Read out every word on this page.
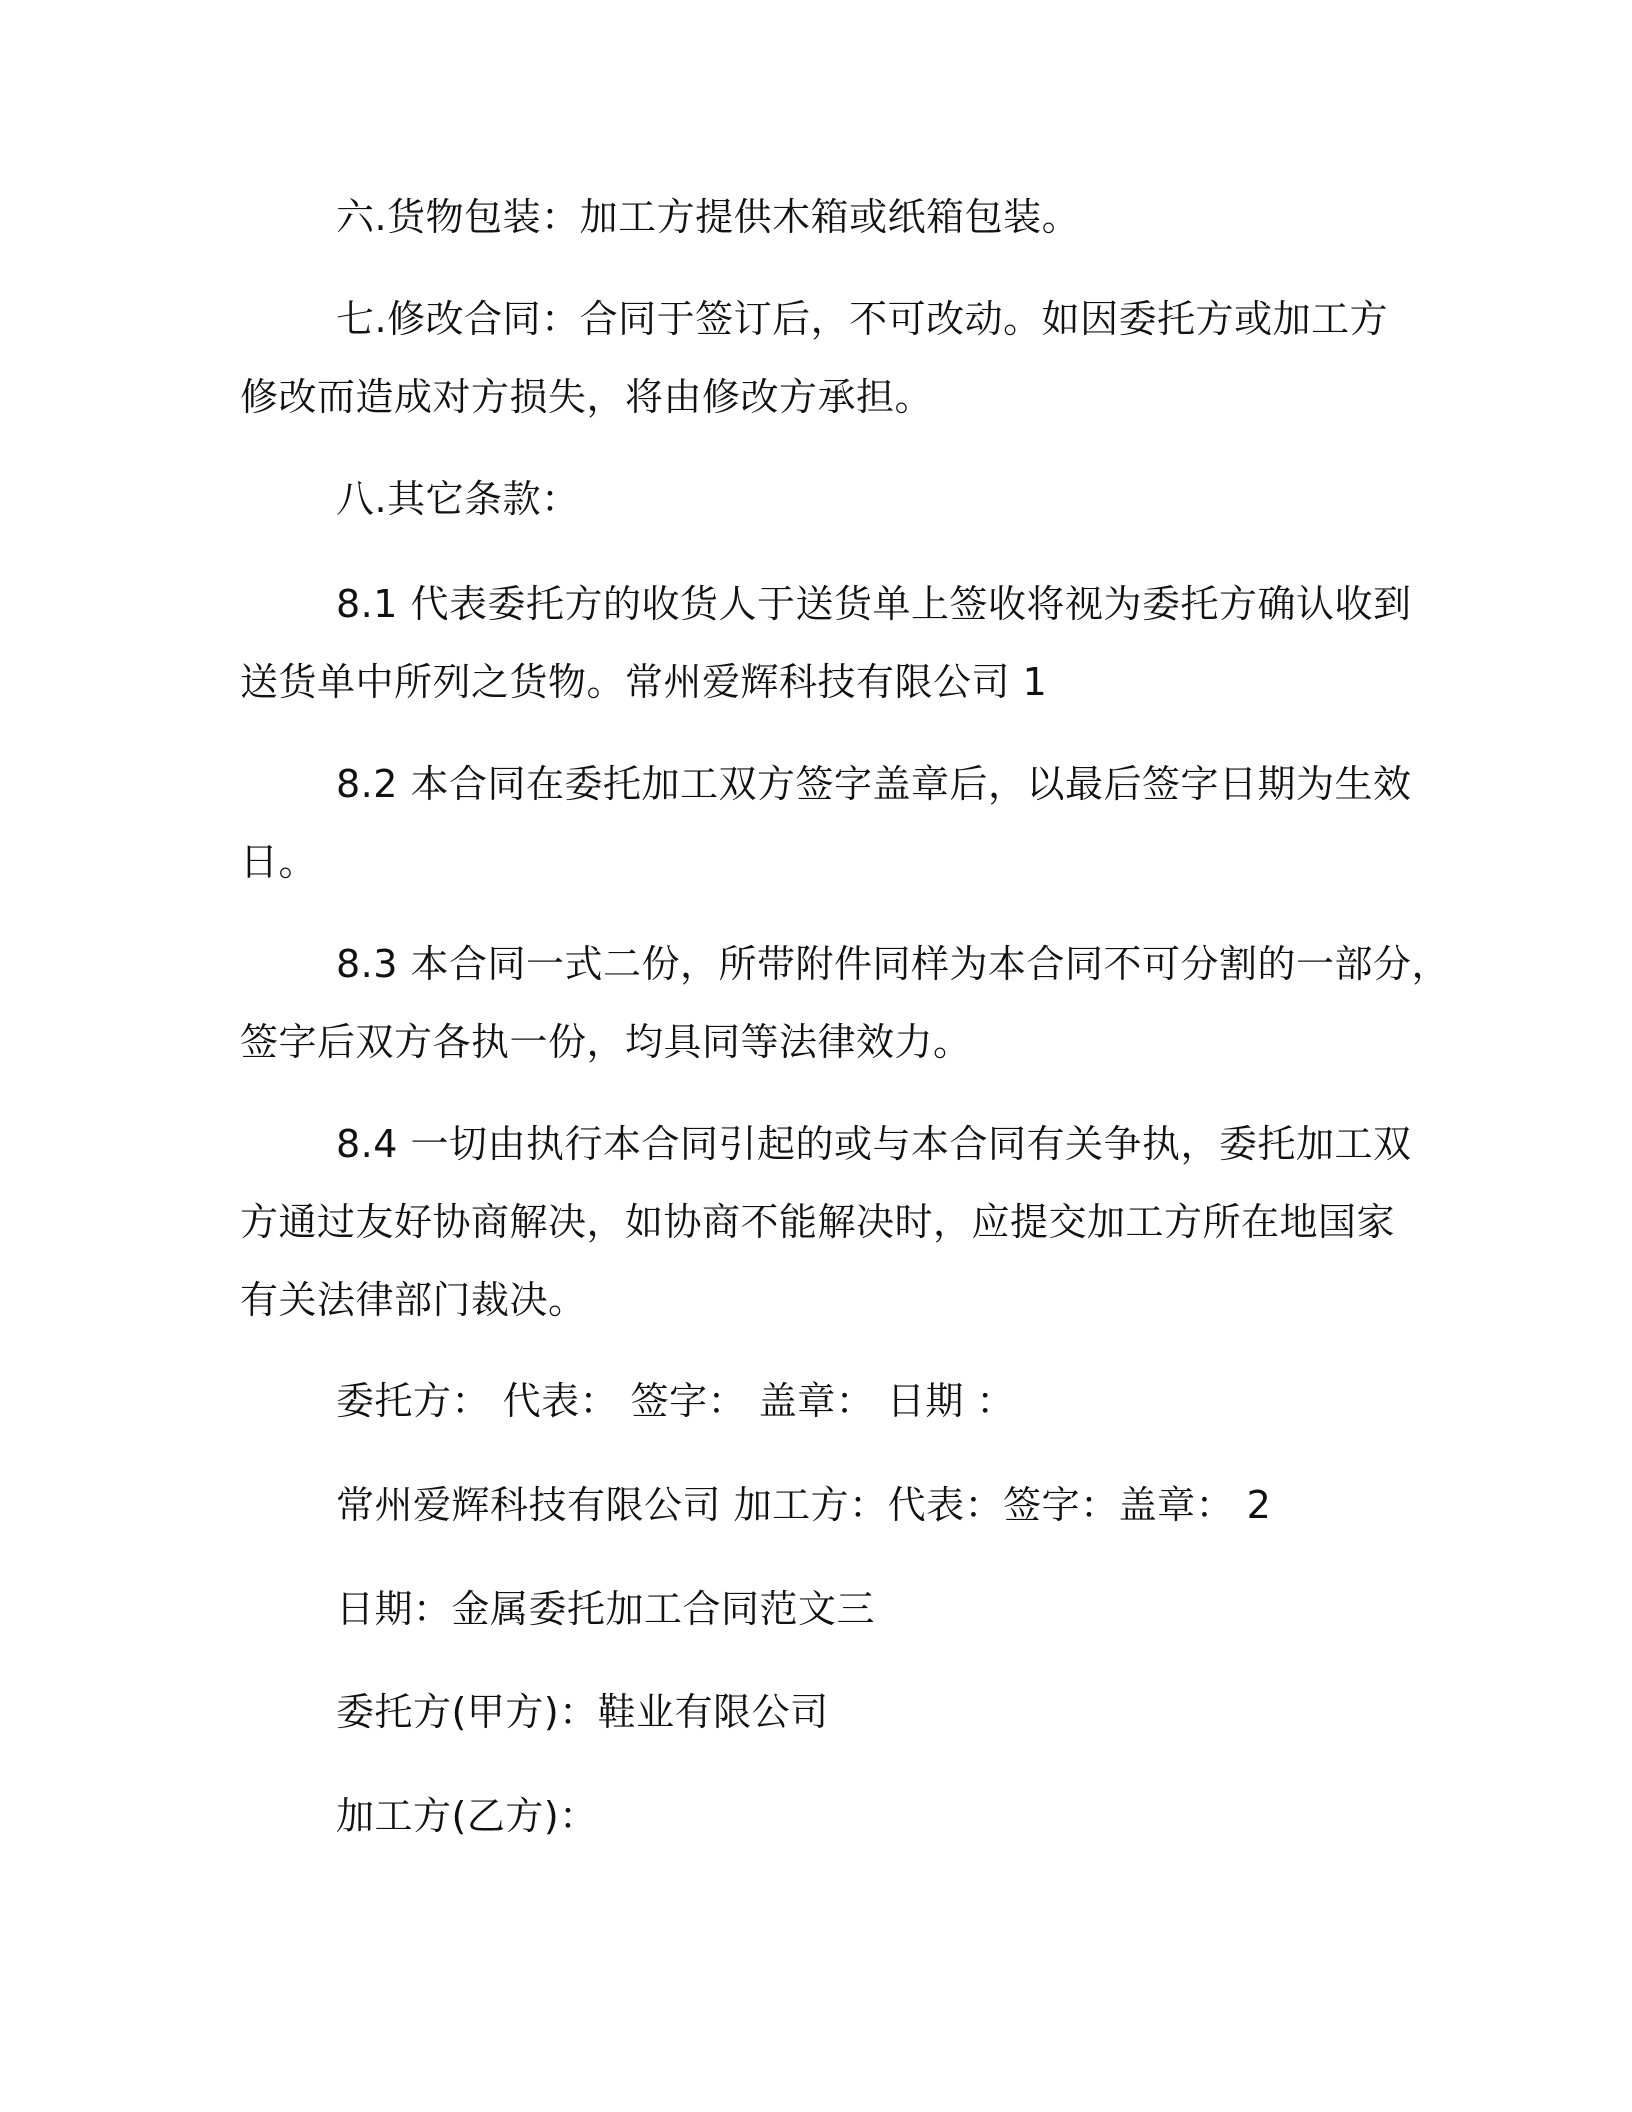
六.货物包装：加工方提供木箱或纸箱包装。

七.修改合同：合同于签订后，不可改动。如因委托方或加工方
修改而造成对方损失，将由修改方承担。

八.其它条款：

8.1 代表委托方的收货人于送货单上签收将视为委托方确认收到
送货单中所列之货物。常州爱辉科技有限公司 1

8.2 本合同在委托加工双方签字盖章后，以最后签字日期为生效
日。

8.3 本合同一式二份，所带附件同样为本合同不可分割的一部分，
签字后双方各执一份，均具同等法律效力。

8.4 一切由执行本合同引起的或与本合同有关争执，委托加工双
方通过友好协商解决，如协商不能解决时，应提交加工方所在地国家
有关法律部门裁决。

委托方： 代表： 签字： 盖章： 日期 ：

常州爱辉科技有限公司 加工方：代表：签字：盖章： 2

日期：金属委托加工合同范文三

委托方(甲方)：鞋业有限公司

加工方(乙方)：
